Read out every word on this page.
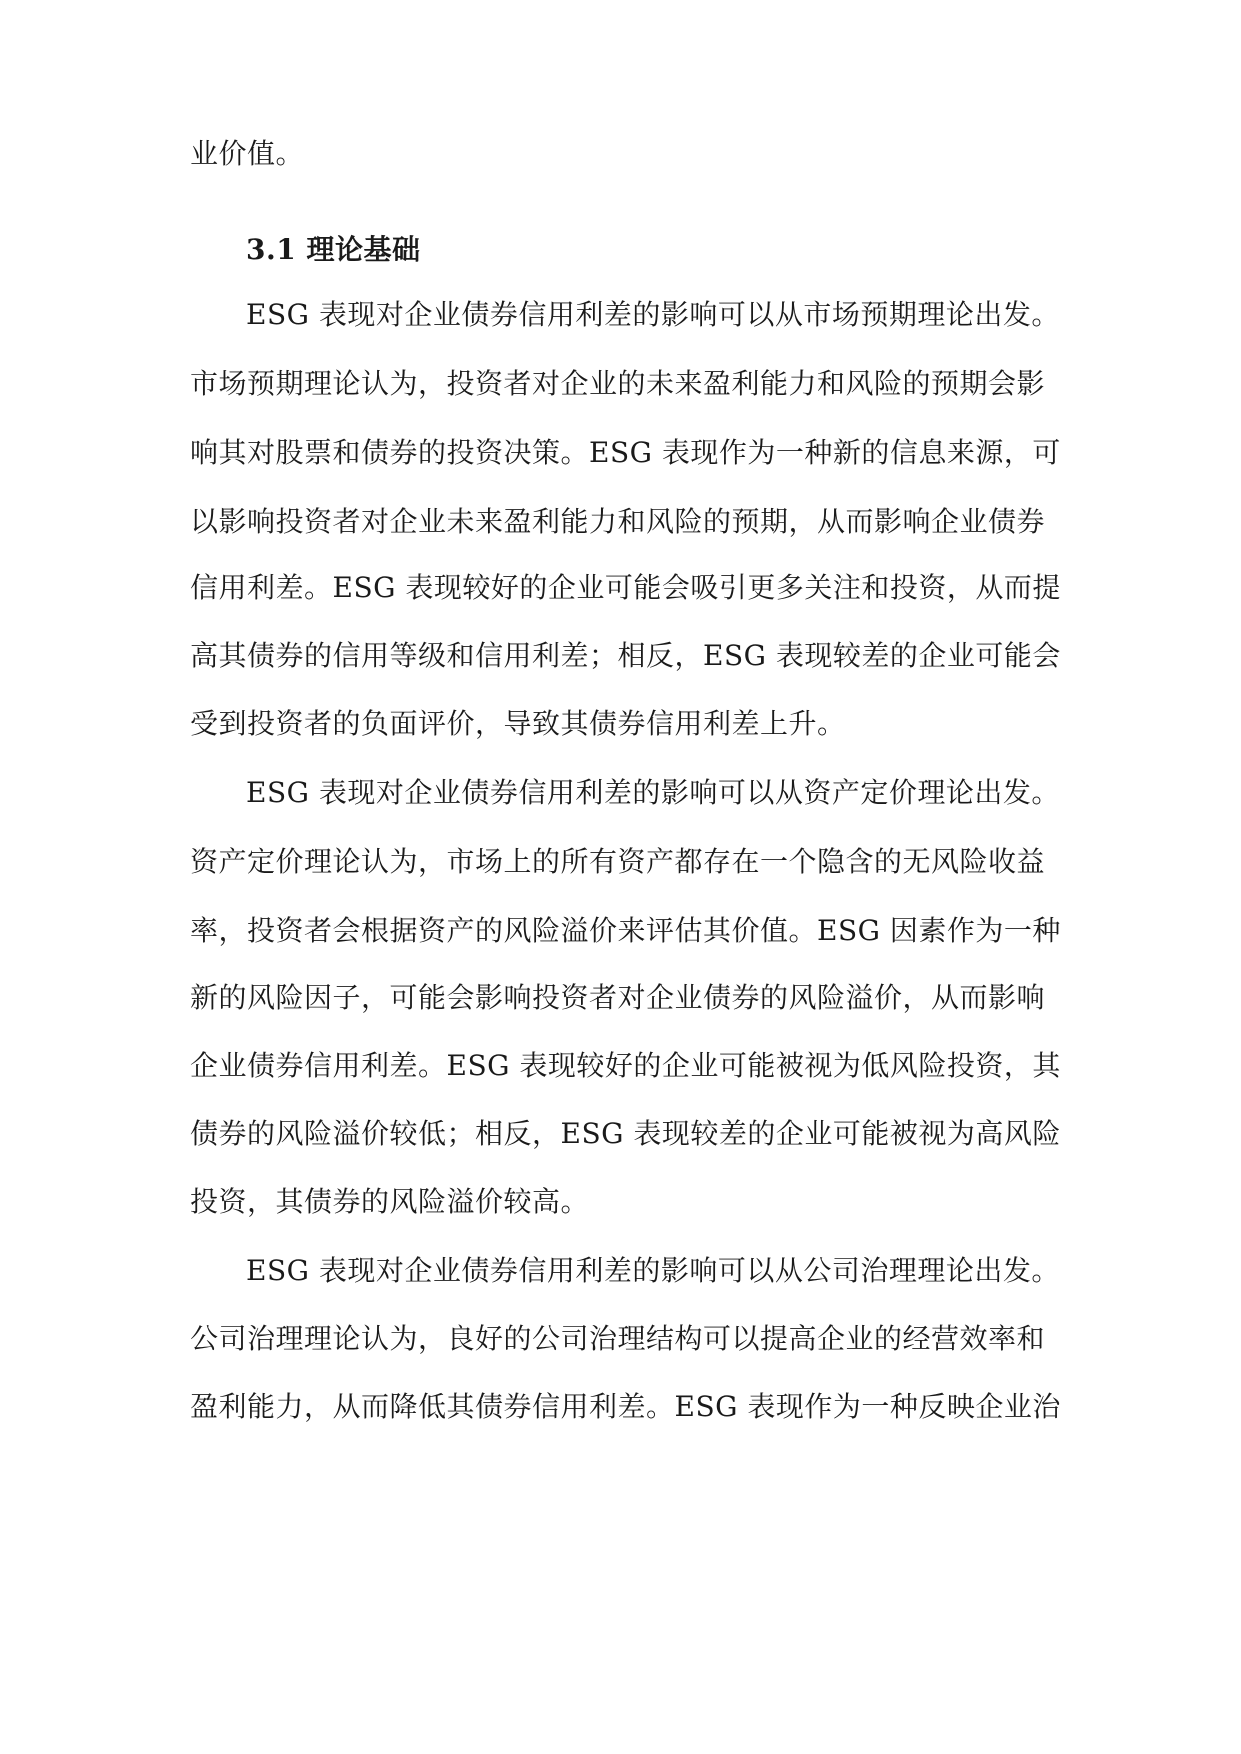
业价值。
3.1 理论基础
ESG 表现对企业债券信用利差的影响可以从市场预期理论出发。
市场预期理论认为，投资者对企业的未来盈利能力和风险的预期会影
响其对股票和债券的投资决策。ESG 表现作为一种新的信息来源，可
以影响投资者对企业未来盈利能力和风险的预期，从而影响企业债券
信用利差。ESG 表现较好的企业可能会吸引更多关注和投资，从而提
高其债券的信用等级和信用利差；相反，ESG 表现较差的企业可能会
受到投资者的负面评价，导致其债券信用利差上升。
ESG 表现对企业债券信用利差的影响可以从资产定价理论出发。
资产定价理论认为，市场上的所有资产都存在一个隐含的无风险收益
率，投资者会根据资产的风险溢价来评估其价值。ESG 因素作为一种
新的风险因子，可能会影响投资者对企业债券的风险溢价，从而影响
企业债券信用利差。ESG 表现较好的企业可能被视为低风险投资，其
债券的风险溢价较低；相反，ESG 表现较差的企业可能被视为高风险
投资，其债券的风险溢价较高。
ESG 表现对企业债券信用利差的影响可以从公司治理理论出发。
公司治理理论认为，良好的公司治理结构可以提高企业的经营效率和
盈利能力，从而降低其债券信用利差。ESG 表现作为一种反映企业治
